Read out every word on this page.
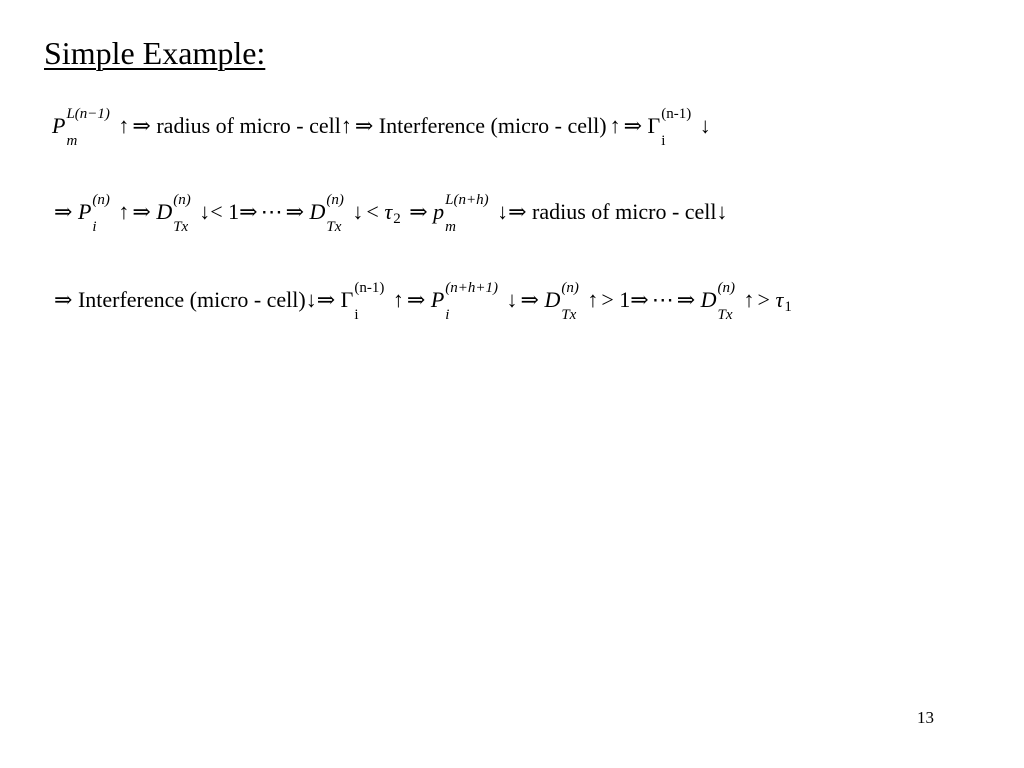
Simple Example:
P L(n−1)
m
↑ ⇒ radius of micro - cell↑ ⇒ Interference (micro - cell) ↑ ⇒ Γ (n-1)
i
↓
⇒ P (n)
i
↑ ⇒ D (n)
Tx
↓< 1⇒ ⋯ ⇒ D (n)
Tx
↓ < τ 2 ⇒ p L(n+h)
m
↓⇒ radius of micro - cell↓
⇒ Interference (micro - cell)↓⇒ Γ (n-1)
i
↑ ⇒ P (n+h+1)
i
↓ ⇒ D (n)
Tx
↑ > 1⇒ ⋯ ⇒ D (n)
Tx
↑ > τ 1
13
